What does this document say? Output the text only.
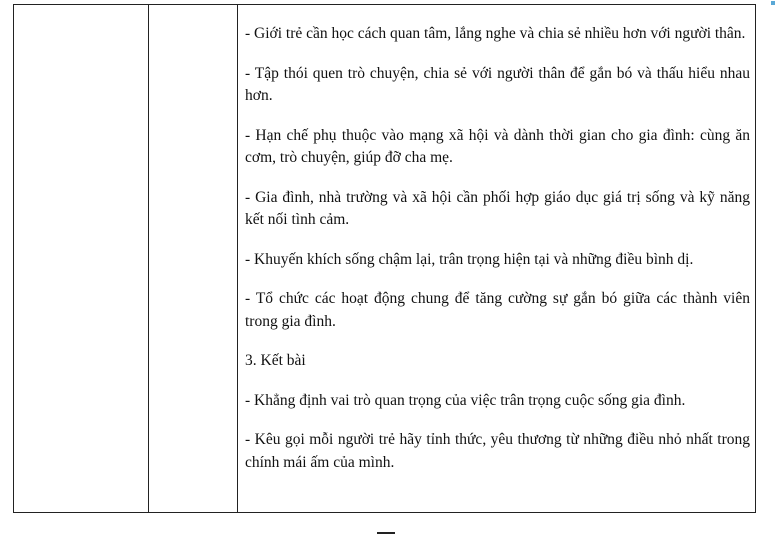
- Giới trẻ cần học cách quan tâm, lắng nghe và chia sẻ nhiều hơn với người thân.

- Tập thói quen trò chuyện, chia sẻ với người thân để gắn bó và thấu hiểu nhau hơn.

- Hạn chế phụ thuộc vào mạng xã hội và dành thời gian cho gia đình: cùng ăn cơm, trò chuyện, giúp đỡ cha mẹ.

- Gia đình, nhà trường và xã hội cần phối hợp giáo dục giá trị sống và kỹ năng kết nối tình cảm.

- Khuyến khích sống chậm lại, trân trọng hiện tại và những điều bình dị.

- Tổ chức các hoạt động chung để tăng cường sự gắn bó giữa các thành viên trong gia đình.

3. Kết bài

- Khẳng định vai trò quan trọng của việc trân trọng cuộc sống gia đình.

- Kêu gọi mỗi người trẻ hãy tỉnh thức, yêu thương từ những điều nhỏ nhất trong chính mái ấm của mình.
